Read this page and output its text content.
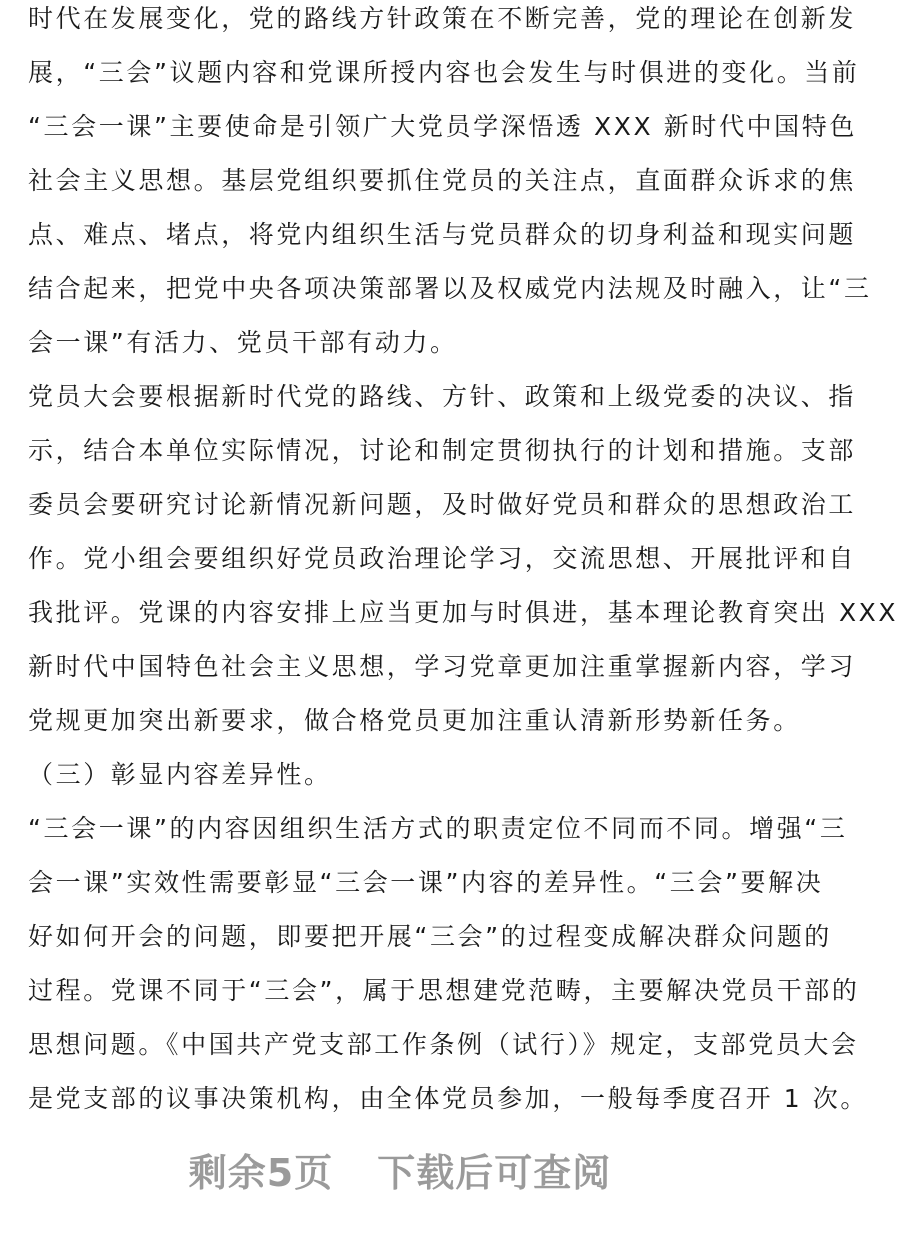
时代在发展变化，党的路线方针政策在不断完善，党的理论在创新发
展，“三会”议题内容和党课所授内容也会发生与时俱进的变化。当前
“三会一课”主要使命是引领广大党员学深悟透 XXX 新时代中国特色
社会主义思想。基层党组织要抓住党员的关注点，直面群众诉求的焦
点、难点、堵点，将党内组织生活与党员群众的切身利益和现实问题
结合起来，把党中央各项决策部署以及权威党内法规及时融入，让“三
会一课”有活力、党员干部有动力。
党员大会要根据新时代党的路线、方针、政策和上级党委的决议、指
示，结合本单位实际情况，讨论和制定贯彻执行的计划和措施。支部
委员会要研究讨论新情况新问题，及时做好党员和群众的思想政治工
作。党小组会要组织好党员政治理论学习，交流思想、开展批评和自
我批评。党课的内容安排上应当更加与时俱进，基本理论教育突出 XXX
新时代中国特色社会主义思想，学习党章更加注重掌握新内容，学习
党规更加突出新要求，做合格党员更加注重认清新形势新任务。
（三）彰显内容差异性。
“三会一课”的内容因组织生活方式的职责定位不同而不同。增强“三
会一课”实效性需要彰显“三会一课”内容的差异性。“三会”要解决
好如何开会的问题，即要把开展“三会”的过程变成解决群众问题的
过程。党课不同于“三会”，属于思想建党范畴，主要解决党员干部的
思想问题。《中国共产党支部工作条例（试行）》规定，支部党员大会
是党支部的议事决策机构，由全体党员参加，一般每季度召开 1 次。
剩余5页 下载后可查阅
